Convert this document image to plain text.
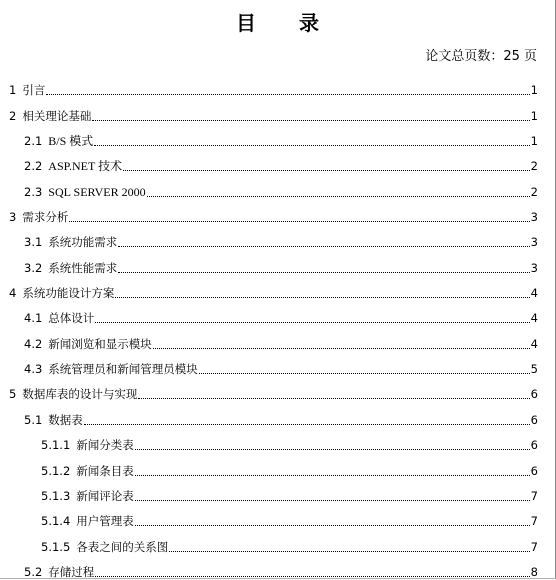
目 录
论文总页数：25 页
1 引言	1
2 相关理论基础	1
2.1 B/S 模式	1
2.2 ASP.NET 技术	2
2.3 SQL SERVER 2000	2
3 需求分析	3
3.1 系统功能需求	3
3.2 系统性能需求	3
4 系统功能设计方案	4
4.1 总体设计	4
4.2 新闻浏览和显示模块	4
4.3 系统管理员和新闻管理员模块	5
5 数据库表的设计与实现	6
5.1 数据表	6
5.1.1 新闻分类表	6
5.1.2 新闻条目表	6
5.1.3 新闻评论表	7
5.1.4 用户管理表	7
5.1.5 各表之间的关系图	7
5.2 存储过程	8
